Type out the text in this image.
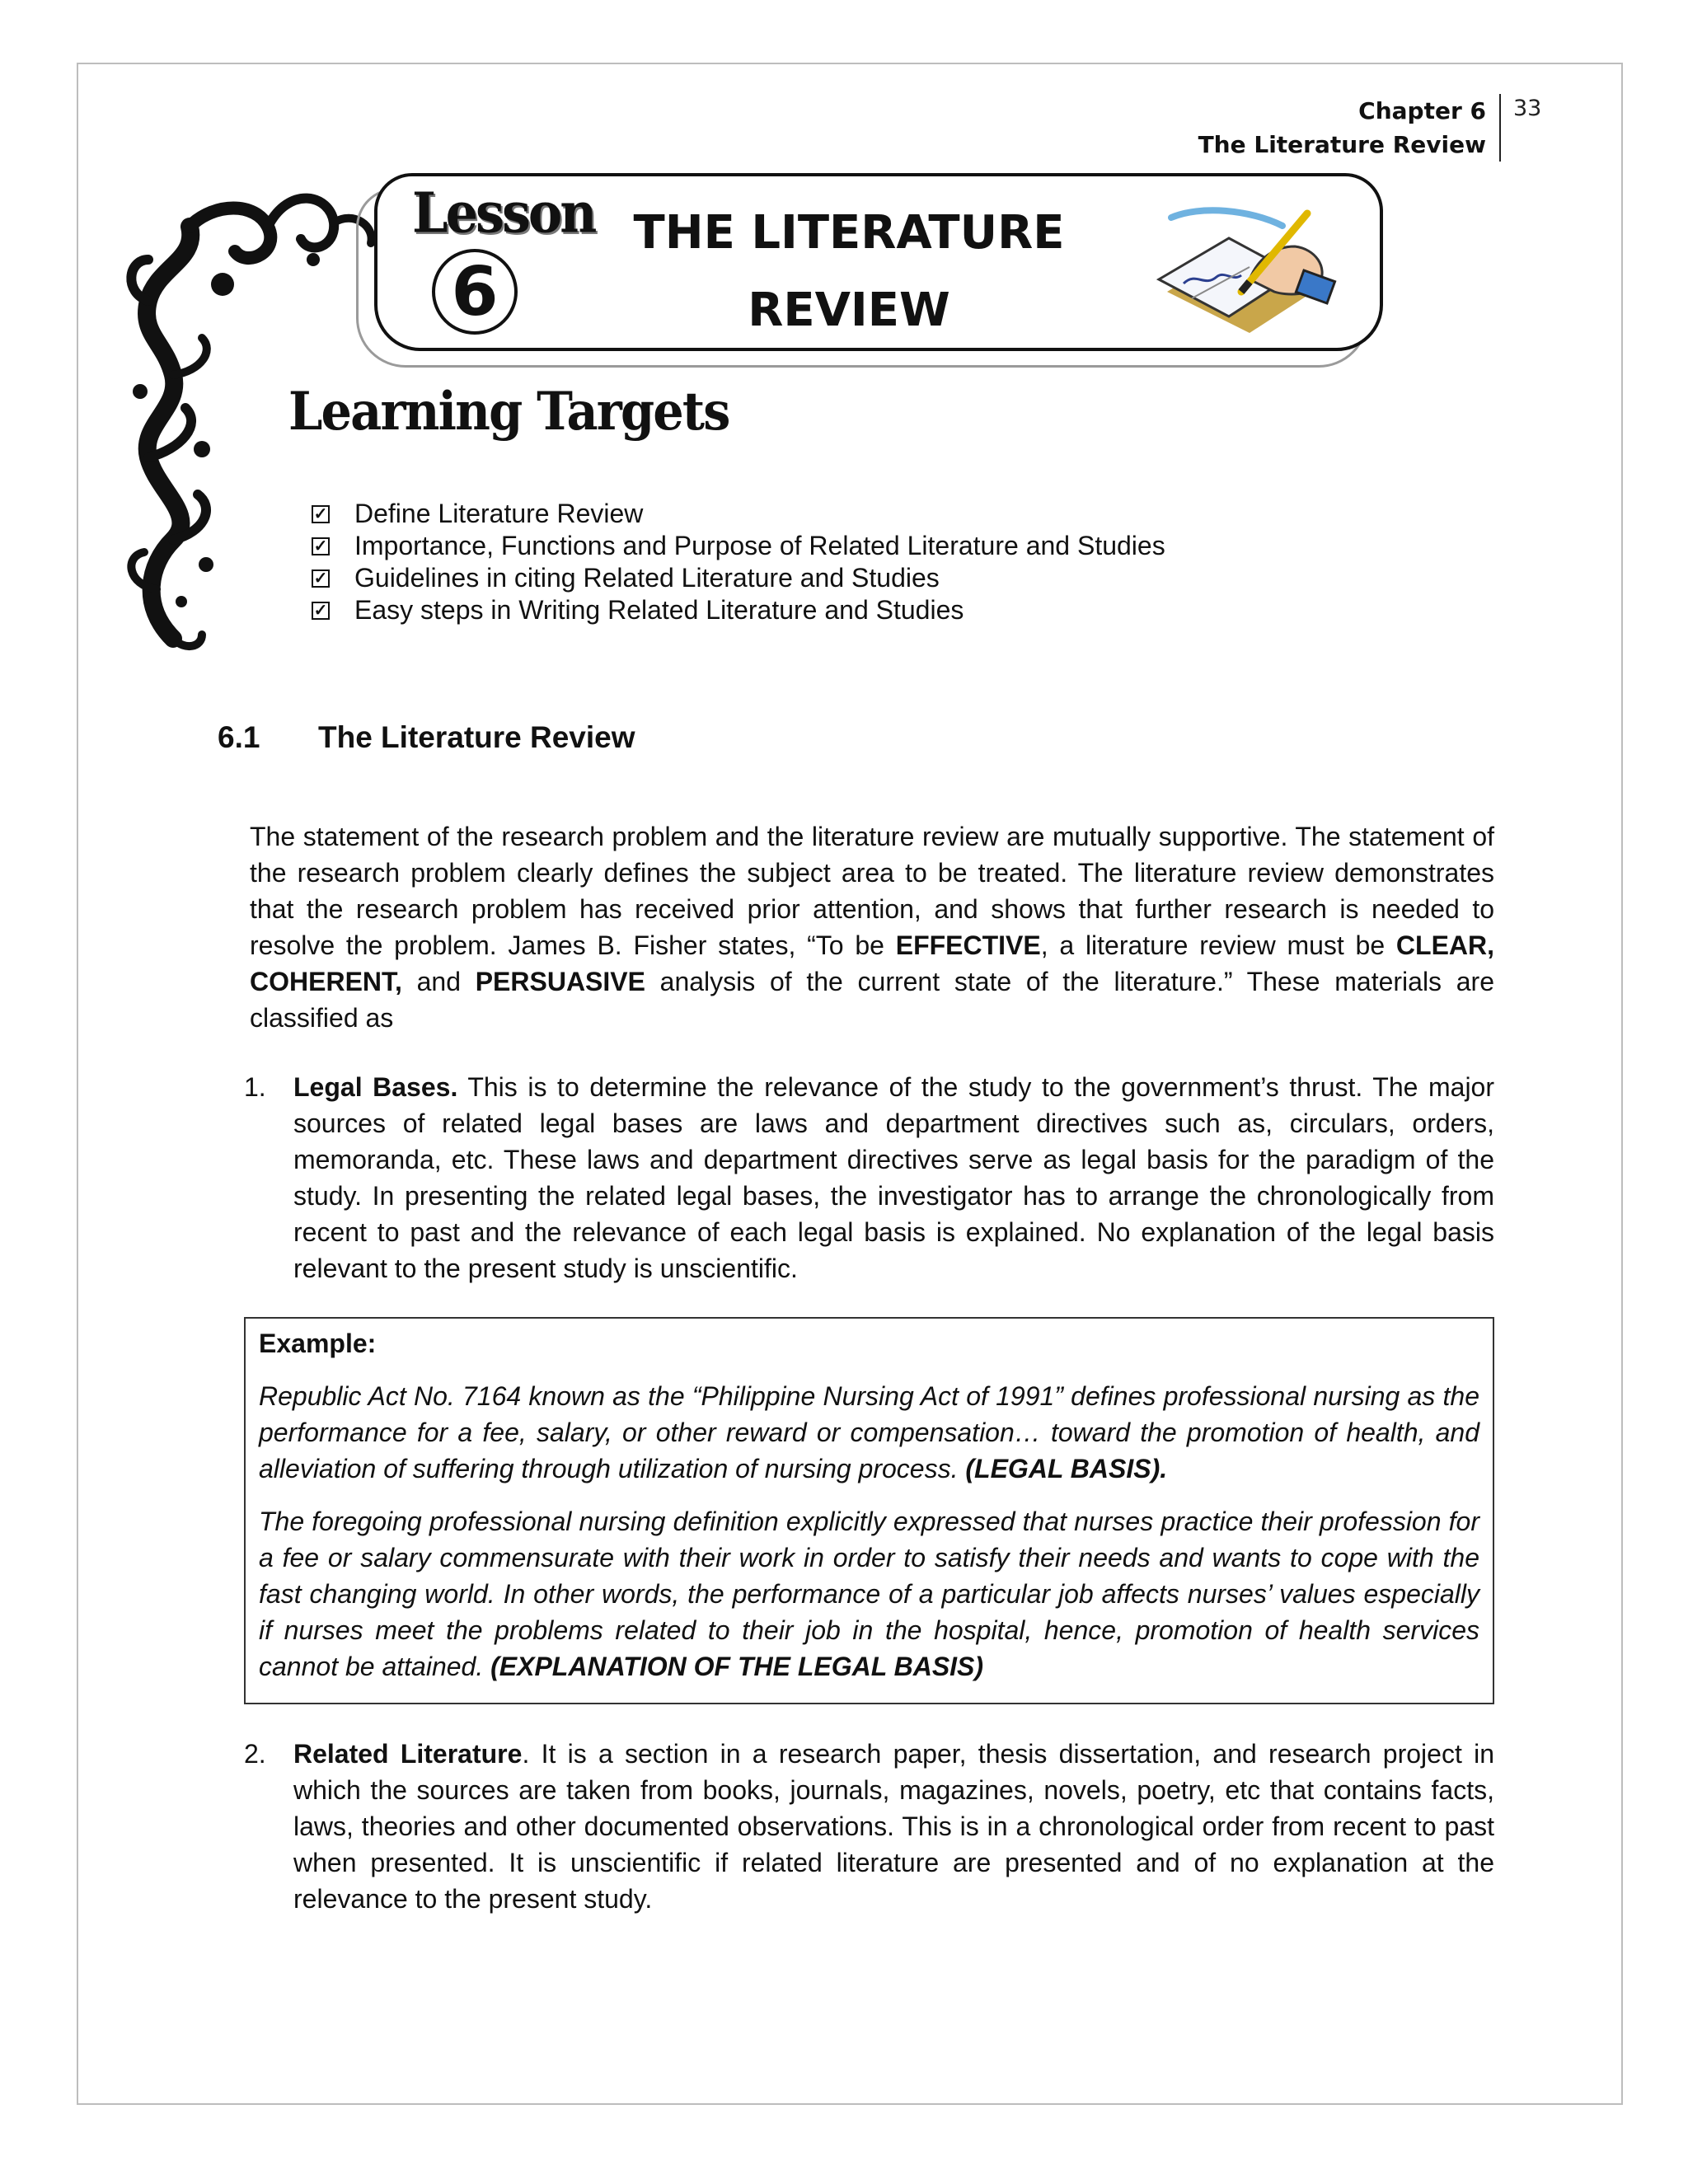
Chapter 6
The Literature Review
33
Lesson
6
THE LITERATURE
REVIEW
Learning Targets
✓ Define Literature Review
✓ Importance, Functions and Purpose of Related Literature and Studies
✓ Guidelines in citing Related Literature and Studies
✓ Easy steps in Writing Related Literature and Studies
6.1 The Literature Review

The statement of the research problem and the literature review are mutually supportive. The statement of the research problem clearly defines the subject area to be treated. The literature review demonstrates that the research problem has received prior attention, and shows that further research is needed to resolve the problem. James B. Fisher states, “To be EFFECTIVE, a literature review must be CLEAR, COHERENT, and PERSUASIVE analysis of the current state of the literature.” These materials are classified as

1. Legal Bases. This is to determine the relevance of the study to the government’s thrust. The major sources of related legal bases are laws and department directives such as, circulars, orders, memoranda, etc. These laws and department directives serve as legal basis for the paradigm of the study. In presenting the related legal bases, the investigator has to arrange the chronologically from recent to past and the relevance of each legal basis is explained. No explanation of the legal basis relevant to the present study is unscientific.
Example:

Republic Act No. 7164 known as the “Philippine Nursing Act of 1991” defines professional nursing as the performance for a fee, salary, or other reward or compensation… toward the promotion of health, and alleviation of suffering through utilization of nursing process. (LEGAL BASIS).

The foregoing professional nursing definition explicitly expressed that nurses practice their profession for a fee or salary commensurate with their work in order to satisfy their needs and wants to cope with the fast changing world. In other words, the performance of a particular job affects nurses’ values especially if nurses meet the problems related to their job in the hospital, hence, promotion of health services cannot be attained. (EXPLANATION OF THE LEGAL BASIS)

2. Related Literature. It is a section in a research paper, thesis dissertation, and research project in which the sources are taken from books, journals, magazines, novels, poetry, etc that contains facts, laws, theories and other documented observations. This is in a chronological order from recent to past when presented. It is unscientific if related literature are presented and of no explanation at the relevance to the present study.
